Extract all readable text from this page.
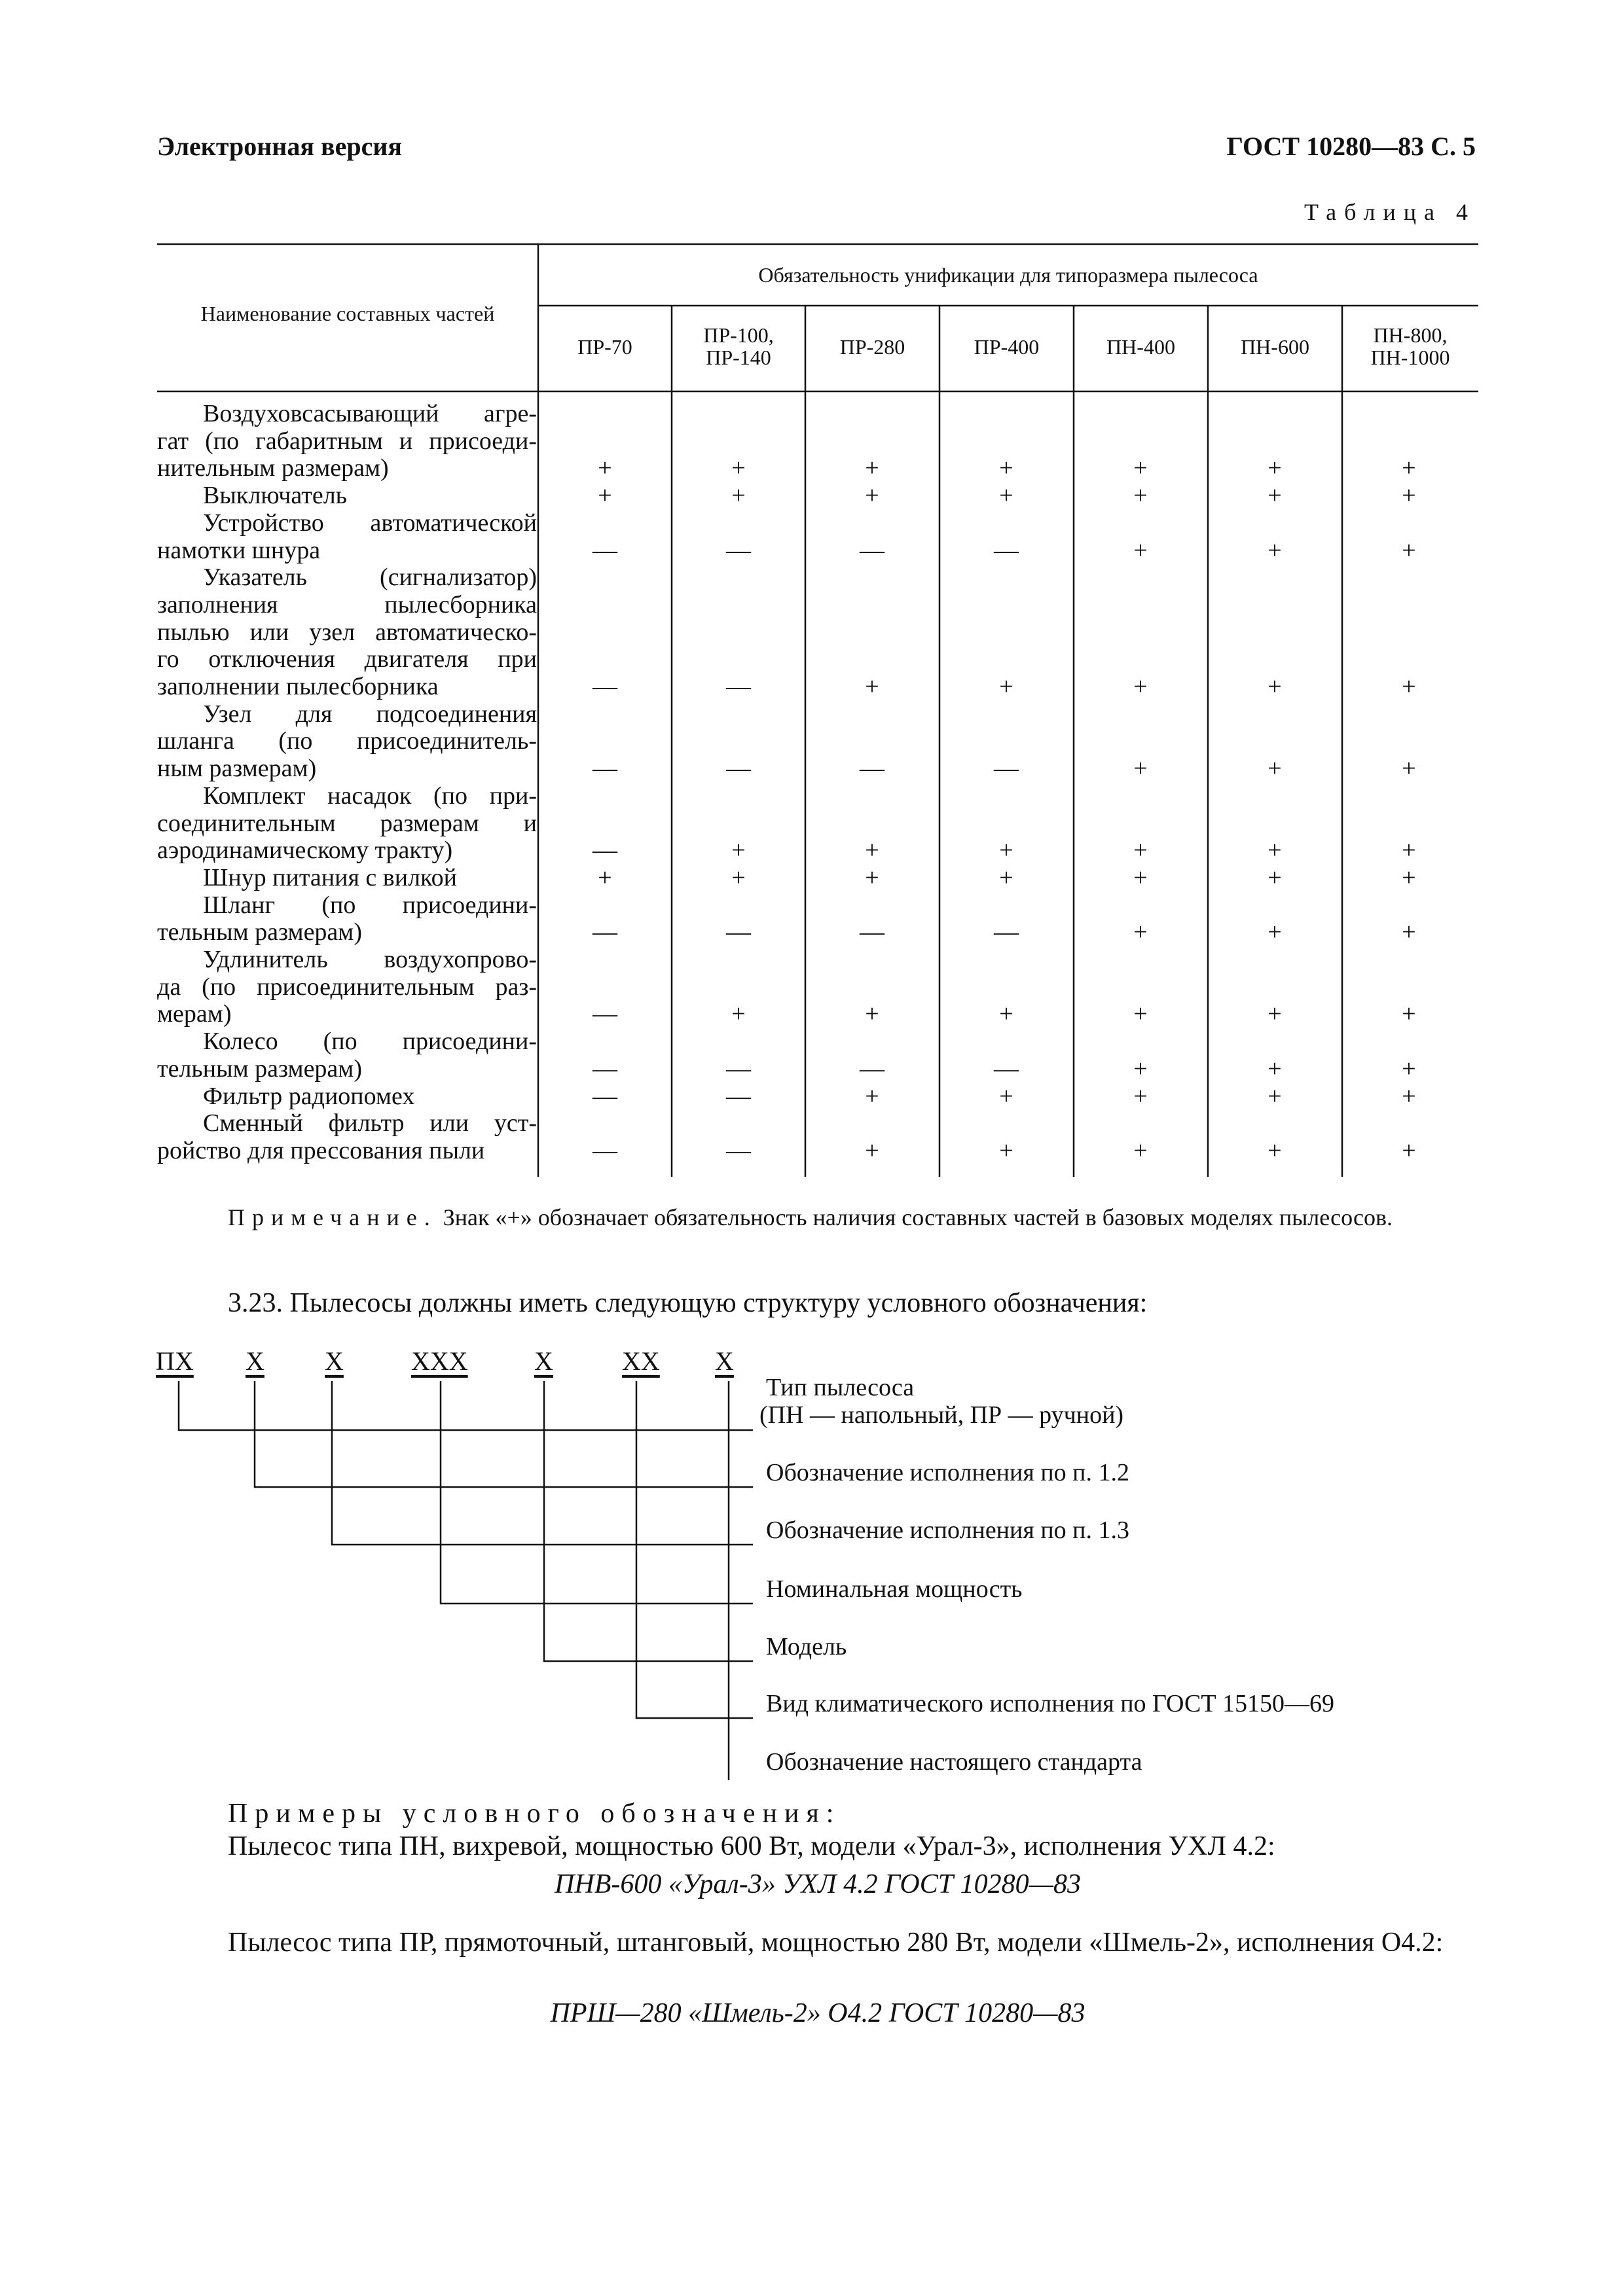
Электронная версия	ГОСТ 10280—83 С. 5
Таблица 4
Наименование составных частей
Обязательность унификации для типоразмера пылесоса
ПР-70	ПР-100,
ПР-140	ПР-280	ПР-400	ПН-400	ПН-600	ПН-800,
ПН-1000
Воздуховсасывающий агре-
гат (по габаритным и присоеди-
нительным размерам)	+	+	+	+	+	+	+
Выключатель	+	+	+	+	+	+	+
Устройство автоматической
намотки шнура	—	—	—	—	+	+	+
Указатель (сигнализатор)
заполнения пылесборника
пылью или узел автоматическо-
го отключения двигателя при
заполнении пылесборника	—	—	+	+	+	+	+
Узел для подсоединения
шланга (по присоединитель-
ным размерам)	—	—	—	—	+	+	+
Комплект насадок (по при-
соединительным размерам и
аэродинамическому тракту)	—	+	+	+	+	+	+
Шнур питания с вилкой	+	+	+	+	+	+	+
Шланг (по присоедини-
тельным размерам)	—	—	—	—	+	+	+
Удлинитель воздухопрово-
да (по присоединительным раз-
мерам)	—	+	+	+	+	+	+
Колесо (по присоедини-
тельным размерам)	—	—	—	—	+	+	+
Фильтр радиопомех	—	—	+	+	+	+	+
Сменный фильтр или уст-
ройство для прессования пыли	—	—	+	+	+	+	+
Примечание. Знак «+» обозначает обязательность наличия составных частей в базовых моделях пылесосов.
3.23. Пылесосы должны иметь следующую структуру условного обозначения:
ПХ Х Х	ХХХ	Х	ХХ Х
Тип пылесоса
(ПН — напольный, ПР — ручной)
Обозначение исполнения по п. 1.2
Обозначение исполнения по п. 1.3
Номинальная мощность
Модель
Вид климатического исполнения по ГОСТ 15150—69
Обозначение настоящего стандарта
Примеры условного обозначения:
Пылесос типа ПН, вихревой, мощностью 600 Вт, модели «Урал-3», исполнения УХЛ 4.2:
ПНВ-600 «Урал-3» УХЛ 4.2 ГОСТ 10280—83
Пылесос типа ПР, прямоточный, штанговый, мощностью 280 Вт, модели «Шмель-2», исполнения О4.2:
ПРШ—280 «Шмель-2» О4.2 ГОСТ 10280—83
